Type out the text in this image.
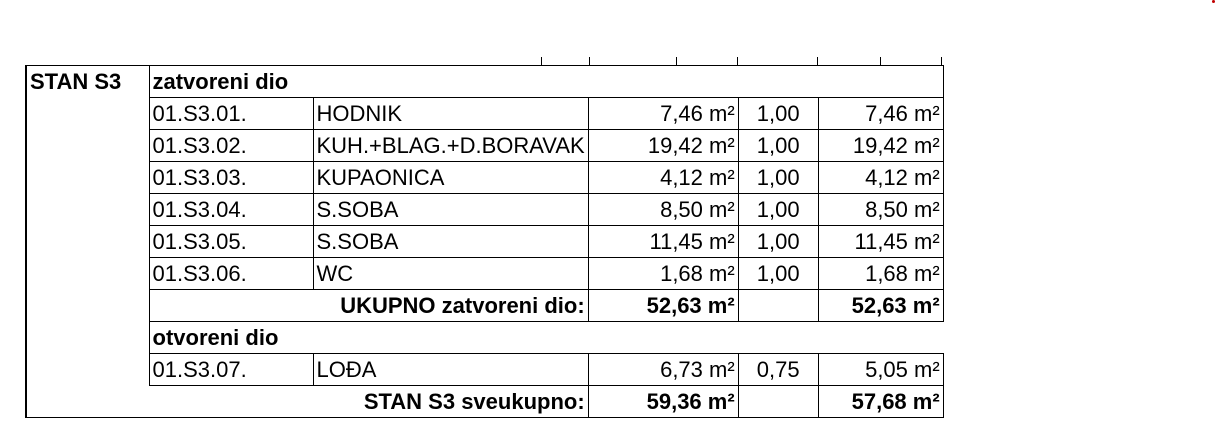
STAN S3	zatvoreni dio				
	01.S3.01.	HODNIK	7,46 m²	1,00	7,46 m²
	01.S3.02.	KUH.+BLAG.+D.BORAVAK	19,42 m²	1,00	19,42 m²
	01.S3.03.	KUPAONICA	4,12 m²	1,00	4,12 m²
	01.S3.04.	S.SOBA	8,50 m²	1,00	8,50 m²
	01.S3.05.	S.SOBA	11,45 m²	1,00	11,45 m²
	01.S3.06.	WC	1,68 m²	1,00	1,68 m²
	UKUPNO zatvoreni dio:		52,63 m²		52,63 m²
	otvoreni dio				
	01.S3.07.	LOĐA	6,73 m²	0,75	5,05 m²
	STAN S3 sveukupno:		59,36 m²		57,68 m²
